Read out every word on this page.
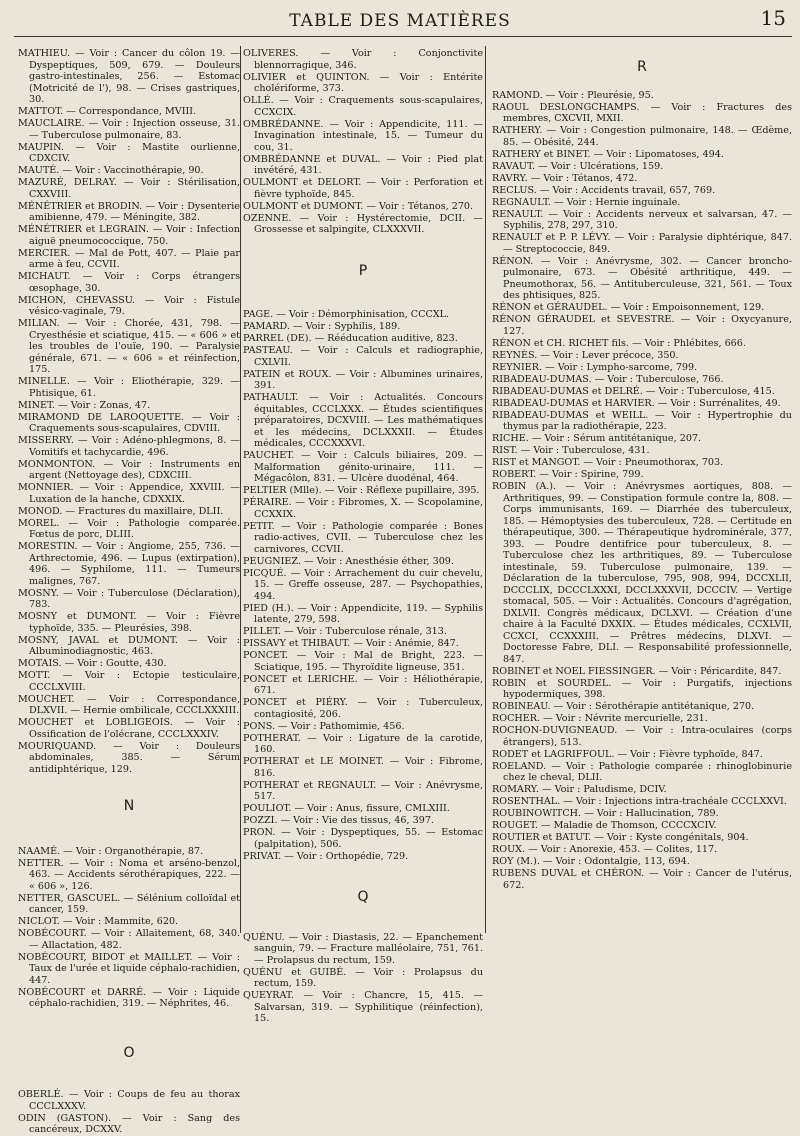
TABLE DES MATIÈRES	15
MATHIEU. — Voir : Cancer du côlon 19. — Dyspeptiques, 509, 679. — Douleurs gastro-intestinales, 256. — Estomac (Motricité de l'), 98. — Crises gastriques, 30.
MATTOT. — Correspondance, MVIII.
MAUCLAIRE. — Voir : Injection osseuse, 31. — Tuberculose pulmonaire, 83.
MAUPIN. — Voir : Mastite ourlienne, CDXCIV.
MAUTÉ. — Voir : Vaccinothérapie, 90.
MAZURÉ, DELRAY. — Voir : Stérilisation, CXXVIII.
MÉNÉTRIER et BRODIN. — Voir : Dysenterie amibienne, 479. — Méningite, 382.
MÉNÉTRIER et LEGRAIN. — Voir : Infection aiguë pneumococcique, 750.
MERCIER. — Mal de Pott, 407. — Plaie par arme à feu, CCVII.
MICHAUT. — Voir : Corps étrangers œsophage, 30.
MICHON, CHEVASSU. — Voir : Fistule vésico-vaginale, 79.
MILIAN. — Voir : Chorée, 431, 798. — Cryesthésie et sciatique, 415. — « 606 » et les troubles de l'ouïe, 190. — Paralysie générale, 671. — « 606 » et réinfection, 175.
MINELLE. — Voir : Eliothérapie, 329. — Phtisique, 61.
MINET. — Voir : Zonas, 47.
MIRAMOND DE LAROQUETTE. — Voir : Craquements sous-scapulaires, CDVIII.
MISSERRY. — Voir : Adéno-phlegmons, 8. — Vomitifs et tachycardie, 496.
MONMONTON. — Voir : Instruments en argent (Nettoyage des), CDXCIII.
MONNIER. — Voir : Appendice, XXVIII. — Luxation de la hanche, CDXXIX.
MONOD. — Fractures du maxillaire, DLII.
MOREL. — Voir : Pathologie comparée. Fœtus de porc, DLIII.
MORESTIN. — Voir : Angiome, 255, 736. — Arthrectomie, 496. — Lupus (extirpation), 496. — Syphilome, 111. — Tumeurs malignes, 767.
MOSNY. — Voir : Tuberculose (Déclaration), 783.
MOSNY et DUMONT. — Voir : Fièvre typhoïde, 335. — Pleurésies, 398.
MOSNY, JAVAL et DUMONT. — Voir : Albuminodiagnostic, 463.
MOTAIS. — Voir : Goutte, 430.
MOTT. — Voir : Ectopie testiculaire, CCCLXVIII.
MOUCHET. — Voir : Correspondance, DLXVII. — Hernie ombilicale, CCCLXXXIII.
MOUCHET et LOBLIGEOIS. — Voir : Ossification de l'olécrane, CCCLXXXIV.
MOURIQUAND. — Voir : Douleurs abdominales, 385. — Sérum antidiphtérique, 129.
N
NAAMÉ. — Voir : Organothérapie, 87.
NETTER. — Voir : Noma et arséno-benzol, 463. — Accidents sérothérapiques, 222. — « 606 », 126.
NETTER, GASCUEL. — Sélénium colloïdal et cancer, 159.
NICLOT. — Voir : Mammite, 620.
NOBÉCOURT. — Voir : Allaitement, 68, 340. — Allactation, 482.
NOBÉCOURT, BIDOT et MAILLET. — Voir : Taux de l'urée et liquide céphalo-rachidien, 447.
NOBÉCOURT et DARRÉ. — Voir : Liquide céphalo-rachidien, 319. — Néphrites, 46.
O
OBERLÉ. — Voir : Coups de feu au thorax CCCLXXXV.
ODIN (GASTON). — Voir : Sang des cancéreux, DCXXV.
OLIVERES. — Voir : Conjonctivite blennorragique, 346.
OLIVIER et QUINTON. — Voir : Entérite cholériforme, 373.
OLLÉ. — Voir : Craquements sous-scapulaires, CCXCIX.
OMBRÉDANNE. — Voir : Appendicite, 111. — Invagination intestinale, 15. — Tumeur du cou, 31.
OMBRÉDANNE et DUVAL. — Voir : Pied plat invétéré, 431.
OULMONT et DELORT. — Voir : Perforation et fièvre typhoïde, 845.
OULMONT et DUMONT. — Voir : Tétanos, 270.
OZENNE. — Voir : Hystérectomie, DCII. — Grossesse et salpingite, CLXXXVII.
P
PAGE. — Voir : Démorphinisation, CCCXL.
PAMARD. — Voir : Syphilis, 189.
PARREL (DE). — Rééducation auditive, 823.
PASTEAU. — Voir : Calculs et radiographie, CXLVII.
PATEIN et ROUX. — Voir : Albumines urinaires, 391.
PATHAULT. — Voir : Actualités. Concours équitables, CCCLXXX. — Études scientifiques préparatoires, DCXVIII. — Les mathématiques et les médecins, DCLXXXII. — Études médicales, CCCXXXVI.
PAUCHET. — Voir : Calculs biliaires, 209. — Malformation génito-urinaire, 111. — Mégacôlon, 831. — Ulcère duodénal, 464.
PELTIER (Mlle). — Voir : Réflexe pupillaire, 395.
PÉRAIRE. — Voir : Fibromes, X. — Scopolamine, CCXXIX.
PETIT. — Voir : Pathologie comparée : Bones radio-actives, CVII. — Tuberculose chez les carnivores, CCVII.
PEUGNIEZ. — Voir : Anesthésie éther, 309.
PICQUÉ. — Voir : Arrachement du cuir chevelu, 15. — Greffe osseuse, 287. — Psychopathies, 494.
PIED (H.). — Voir : Appendicite, 119. — Syphilis latente, 279, 598.
PILLET. — Voir : Tuberculose rénale, 313.
PISSAVY et THIBAUT. — Voir : Anémie, 847.
PONCET. — Voir : Mal de Bright, 223. — Sciatique, 195. — Thyroïdite ligneuse, 351.
PONCET et LERICHE. — Voir : Héliothérapie, 671.
PONCET et PIÉRY. — Voir : Tuberculeux, contagiosité, 206.
PONS. — Voir : Pathomimie, 456.
POTHERAT. — Voir : Ligature de la carotide, 160.
POTHERAT et LE MOINET. — Voir : Fibrome, 816.
POTHERAT et REGNAULT. — Voir : Anévrysme, 517.
POULIOT. — Voir : Anus, fissure, CMLXIII.
POZZI. — Voir : Vie des tissus, 46, 397.
PRON. — Voir : Dyspeptiques, 55. — Estomac (palpitation), 506.
PRIVAT. — Voir : Orthopédie, 729.
Q
QUÉNU. — Voir : Diastasis, 22. — Epanchement sanguin, 79. — Fracture malléolaire, 751, 761. — Prolapsus du rectum, 159.
QUÉNU et GUIBÉ. — Voir : Prolapsus du rectum, 159.
QUEYRAT. — Voir : Chancre, 15, 415. — Salvarsan, 319. — Syphilitique (réinfection), 15.
R
RAMOND. — Voir : Pleurésie, 95.
RAOUL DESLONGCHAMPS. — Voir : Fractures des membres, CXCVII, MXII.
RATHERY. — Voir : Congestion pulmonaire, 148. — Œdème, 85. — Obésité, 244.
RATHERY et BINET. — Voir : Lipomatoses, 494.
RAVAUT. — Voir : Ulcérations, 159.
RAVRY. — Voir : Tétanos, 472.
RECLUS. — Voir : Accidents travail, 657, 769.
REGNAULT. — Voir : Hernie inguinale.
RENAULT. — Voir : Accidents nerveux et salvarsan, 47. — Syphilis, 278, 297, 310.
RENAULT et P. P. LÉVY. — Voir : Paralysie diphtérique, 847. — Streptococcie, 849.
RÉNON. — Voir : Anévrysme, 302. — Cancer broncho-pulmonaire, 673. — Obésité arthritique, 449. — Pneumothorax, 56. — Antituberculeuse, 321, 561. — Toux des phtisiques, 825.
RÉNON et GÉRAUDEL. — Voir : Empoisonnement, 129.
RÉNON GÉRAUDEL et SEVESTRE. — Voir : Oxycyanure, 127.
RÉNON et CH. RICHET fils. — Voir : Phlébites, 666.
REYNÈS. — Voir : Lever précoce, 350.
REYNIER. — Voir : Lympho-sarcome, 799.
RIBADEAU-DUMAS. — Voir : Tuberculose, 766.
RIBADEAU-DUMAS et DELRÉ. — Voir : Tuberculose, 415.
RIBADEAU-DUMAS et HARVIER. — Voir : Surrénalites, 49.
RIBADEAU-DUMAS et WEILL. — Voir : Hypertrophie du thymus par la radiothérapie, 223.
RICHE. — Voir : Sérum antitétanique, 207.
RIST. — Voir : Tuberculose, 431.
RIST et MANGOT. — Voir : Pneumothorax, 703.
ROBERT. — Voir : Spirine, 799.
ROBIN (A.). — Voir : Anévrysmes aortiques, 808. — Arthritiques, 99. — Constipation formule contre la, 808. — Corps immunisants, 169. — Diarrhée des tuberculeux, 185. — Hémoptysies des tuberculeux, 728. — Certitude en thérapeutique, 300. — Thérapeutique hydrominérale, 377, 393. — Poudre dentifrice pour tuberculeux, 8. — Tuberculose chez les arthritiques, 89. — Tuberculose intestinale, 59. Tuberculose pulmonaire, 139. — Déclaration de la tuberculose, 795, 908, 994, DCCXLII, DCCCLIX, DCCCLXXXI, DCCLXXXVII, DCCCIV. — Vertige stomacal, 505. — Voir : Actualités. Concours d'agrégation, DXLVII. Congrès médicaux, DCLXVI. — Création d'une chaire à la Faculté DXXIX. — Études médicales, CCXLVII, CCXCI, CCXXXIII. — Prêtres médecins, DLXVI. — Doctoresse Fabre, DLI. — Responsabilité professionnelle, 847.
ROBINET et NOEL FIESSINGER. — Voir : Péricardite, 847.
ROBIN et SOURDEL. — Voir : Purgatifs, injections hypodermiques, 398.
ROBINEAU. — Voir : Sérothérapie antitétanique, 270.
ROCHER. — Voir : Névrite mercurielle, 231.
ROCHON-DUVIGNEAUD. — Voir : Intra-oculaires (corps étrangers), 513.
RODET et LAGRIFFOUL. — Voir : Fièvre typhoïde, 847.
ROELAND. — Voir : Pathologie comparée : rhinoglobinurie chez le cheval, DLII.
ROMARY. — Voir : Paludisme, DCIV.
ROSENTHAL. — Voir : Injections intra-trachéale CCCLXXVI.
ROUBINOWITCH. — Voir : Hallucination, 789.
ROUGET. — Maladie de Thomson, CCCCXCIV.
ROUTIER et BATUT. — Voir : Kyste congénitals, 904.
ROUX. — Voir : Anorexie, 453. — Colites, 117.
ROY (M.). — Voir : Odontalgie, 113, 694.
RUBENS DUVAL et CHÉRON. — Voir : Cancer de l'utérus, 672.
